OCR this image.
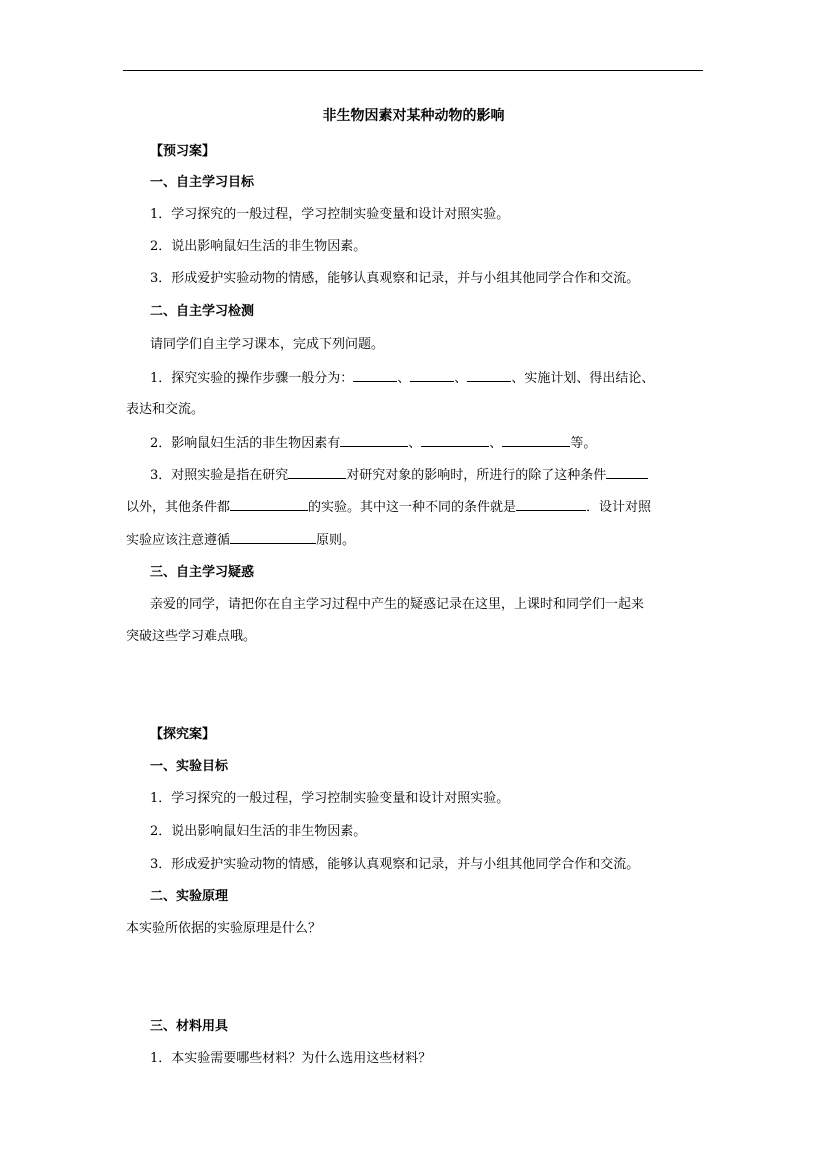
非生物因素对某种动物的影响
【预习案】
一、自主学习目标
1．学习探究的一般过程，学习控制实验变量和设计对照实验。
2．说出影响鼠妇生活的非生物因素。
3．形成爱护实验动物的情感，能够认真观察和记录，并与小组其他同学合作和交流。
二、自主学习检测
请同学们自主学习课本，完成下列问题。
1．探究实验的操作步骤一般分为：	、	、	、实施计划、得出结论、
表达和交流。
2．影响鼠妇生活的非生物因素有	、	、	等。
3．对照实验是指在研究	对研究对象的影响时，所进行的除了这种条件
以外，其他条件都	的实验。其中这一种不同的条件就是	．设计对照
实验应该注意遵循	原则。
三、自主学习疑惑
亲爱的同学，请把你在自主学习过程中产生的疑惑记录在这里，上课时和同学们一起来
突破这些学习难点哦。
【探究案】
一、实验目标
1．学习探究的一般过程，学习控制实验变量和设计对照实验。
2．说出影响鼠妇生活的非生物因素。
3．形成爱护实验动物的情感，能够认真观察和记录，并与小组其他同学合作和交流。
二、实验原理
本实验所依据的实验原理是什么？
三、材料用具
1．本实验需要哪些材料？为什么选用这些材料？
